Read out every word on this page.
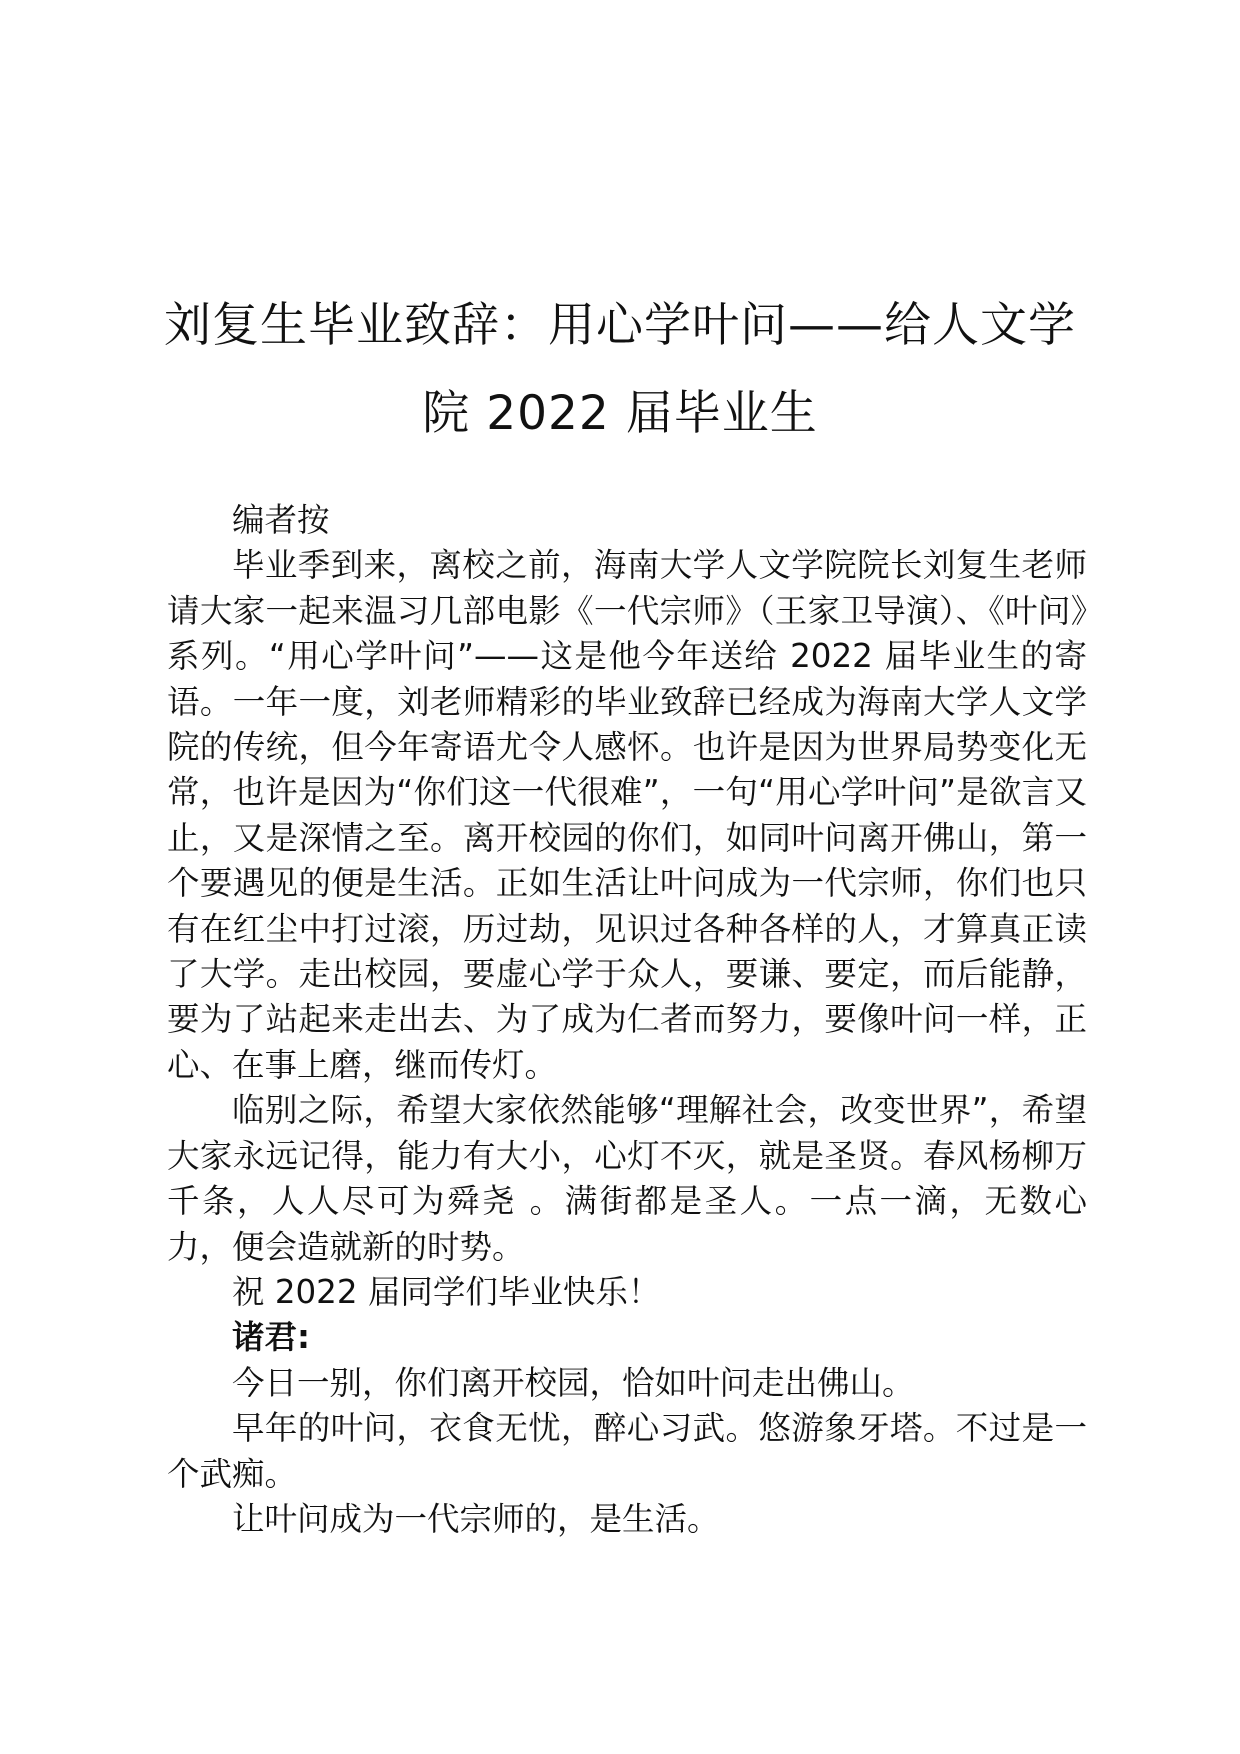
刘复生毕业致辞：用心学叶问——给人文学院 2022 届毕业生

编者按

毕业季到来，离校之前，海南大学人文学院院长刘复生老师请大家一起来温习几部电影《一代宗师》（王家卫导演）、《叶问》系列。“用心学叶问”——这是他今年送给 2022 届毕业生的寄语。一年一度，刘老师精彩的毕业致辞已经成为海南大学人文学院的传统，但今年寄语尤令人感怀。也许是因为世界局势变化无常，也许是因为“你们这一代很难”，一句“用心学叶问”是欲言又止，又是深情之至。离开校园的你们，如同叶问离开佛山，第一个要遇见的便是生活。正如生活让叶问成为一代宗师，你们也只有在红尘中打过滚，历过劫，见识过各种各样的人，才算真正读了大学。走出校园，要虚心学于众人，要谦、要定，而后能静，要为了站起来走出去、为了成为仁者而努力，要像叶问一样，正心、在事上磨，继而传灯。

临别之际，希望大家依然能够“理解社会，改变世界”，希望大家永远记得，能力有大小，心灯不灭，就是圣贤。春风杨柳万千条，人人尽可为舜尧 。满街都是圣人。一点一滴，无数心力，便会造就新的时势。

祝 2022 届同学们毕业快乐！

诸君:

今日一别，你们离开校园，恰如叶问走出佛山。

早年的叶问，衣食无忧，醉心习武。悠游象牙塔。不过是一个武痴。

让叶问成为一代宗师的，是生活。
